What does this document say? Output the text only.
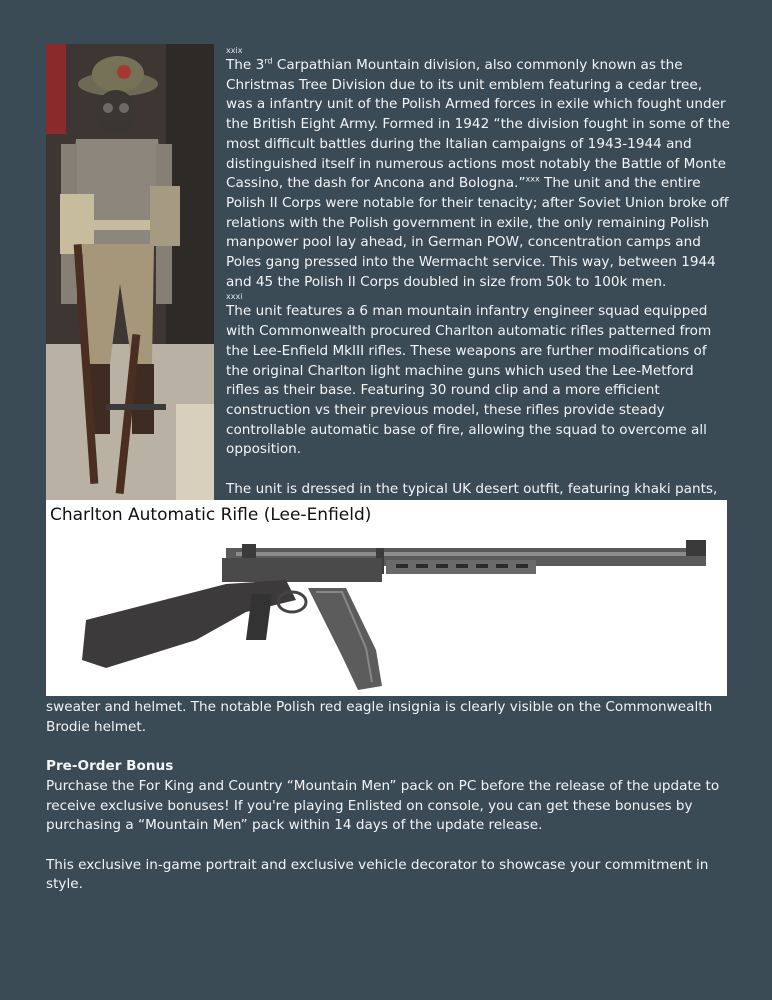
xxix

The 3rd Carpathian Mountain division, also commonly known as the Christmas Tree Division due to its unit emblem featuring a cedar tree, was a infantry unit of the Polish Armed forces in exile which fought under the British Eight Army. Formed in 1942 “the division fought in some of the most difficult battles during the Italian campaigns of 1943-1944 and distinguished itself in numerous actions most notably the Battle of Monte Cassino, the dash for Ancona and Bologna.”$^{xxx}$ The unit and the entire Polish II Corps were notable for their tenacity; after Soviet Union broke off relations with the Polish government in exile, the only remaining Polish manpower pool lay ahead, in German POW, concentration camps and Poles gang pressed into the Wermacht service. This way, between 1944 and 45 the Polish II Corps doubled in size from 50k to 100k men.

xxxi

The unit features a 6 man mountain infantry engineer squad equipped with Commonwealth procured Charlton automatic rifles patterned from the Lee-Enfield MkIII rifles. These weapons are further modifications of the original Charlton light machine guns which used the Lee-Metford rifles as their base. Featuring 30 round clip and a more efficient construction vs their previous model, these rifles provide steady controllable automatic base of fire, allowing the squad to overcome all opposition.

The unit is dressed in the typical UK desert outfit, featuring khaki pants,

Charlton Automatic Rifle (Lee-Enfield)

sweater and helmet. The notable Polish red eagle insignia is clearly visible on the Commonwealth Brodie helmet.

Pre-Order Bonus

Purchase the For King and Country “Mountain Men” pack on PC before the release of the update to receive exclusive bonuses! If you're playing Enlisted on console, you can get these bonuses by purchasing a “Mountain Men” pack within 14 days of the update release.

This exclusive in-game portrait and exclusive vehicle decorator to showcase your commitment in style.
